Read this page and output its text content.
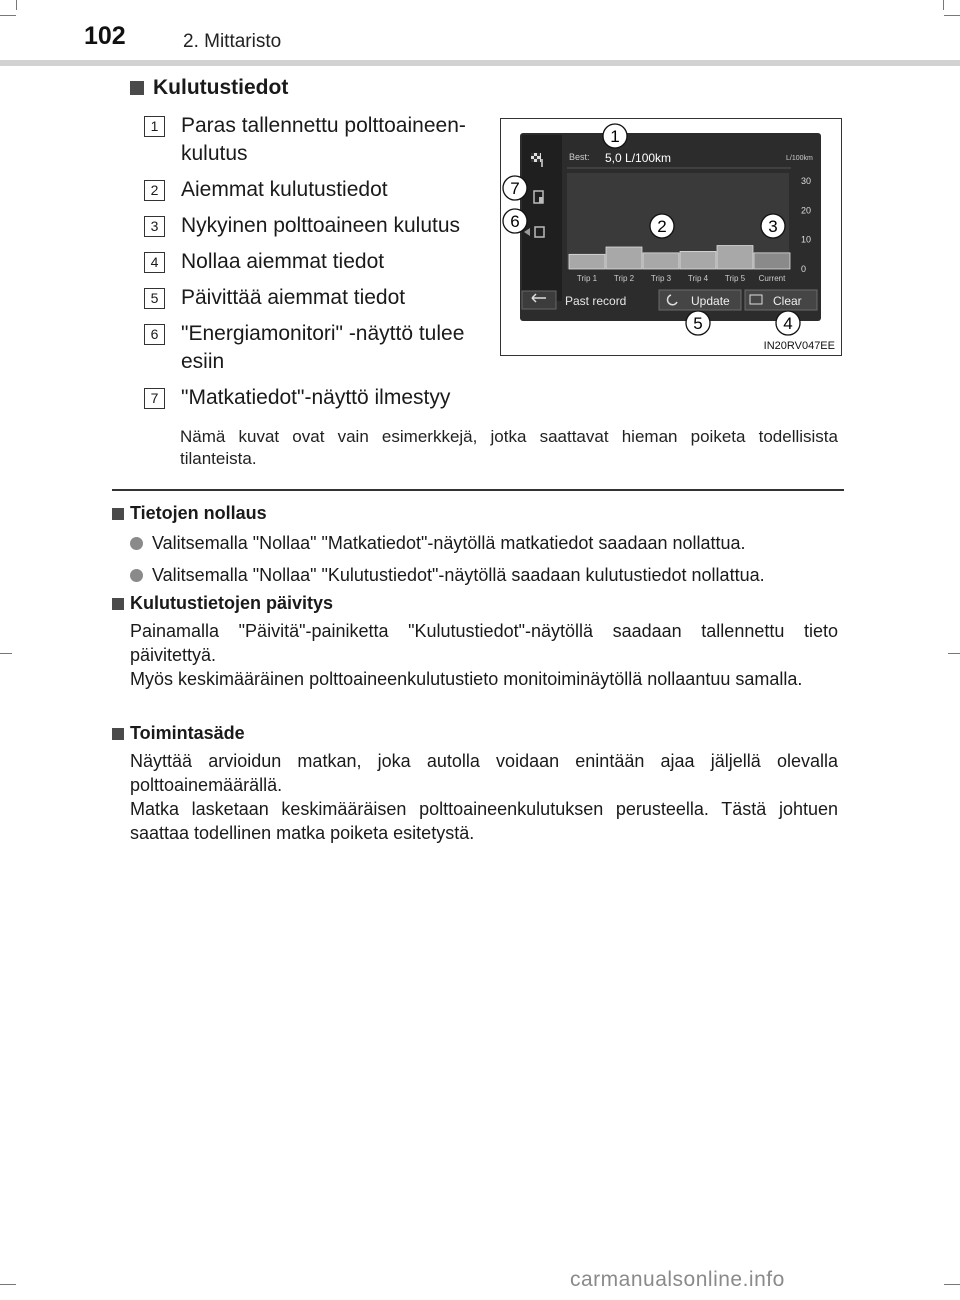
102	2. Mittaristo
Kulutustiedot
1	Paras tallennettu polttoaineen-kulutus
2	Aiemmat kulutustiedot
3	Nykyinen polttoaineen kulutus
4	Nollaa aiemmat tiedot
5	Päivittää aiemmat tiedot
6	"Energiamonitori" -näyttö tulee esiin
7	"Matkatiedot"-näyttö ilmestyy
Nämä kuvat ovat vain esimerkkejä, jotka saattavat hieman poiketa todellisista tilanteista.
Best: 5,0 L/100km	L/100km
30
20
10
0
Trip 1 Trip 2 Trip 3 Trip 4 Trip 5 Current
Past record	Update	Clear
1
7
6	2	3
5	4
IN20RV047EE
Tietojen nollaus
Valitsemalla "Nollaa" "Matkatiedot"-näytöllä matkatiedot saadaan nollattua.
Valitsemalla "Nollaa" "Kulutustiedot"-näytöllä saadaan kulutustiedot nollattua.
Kulutustietojen päivitys
Painamalla "Päivitä"-painiketta "Kulutustiedot"-näytöllä saadaan tallennettu tieto päivitettyä.
Myös keskimääräinen polttoaineenkulutustieto monitoiminäytöllä nollaantuu samalla.
Toimintasäde
Näyttää arvioidun matkan, joka autolla voidaan enintään ajaa jäljellä olevalla polttoainemäärällä.
Matka lasketaan keskimääräisen polttoaineenkulutuksen perusteella. Tästä johtuen saattaa todellinen matka poiketa esitetystä.
carmanualsonline.info
